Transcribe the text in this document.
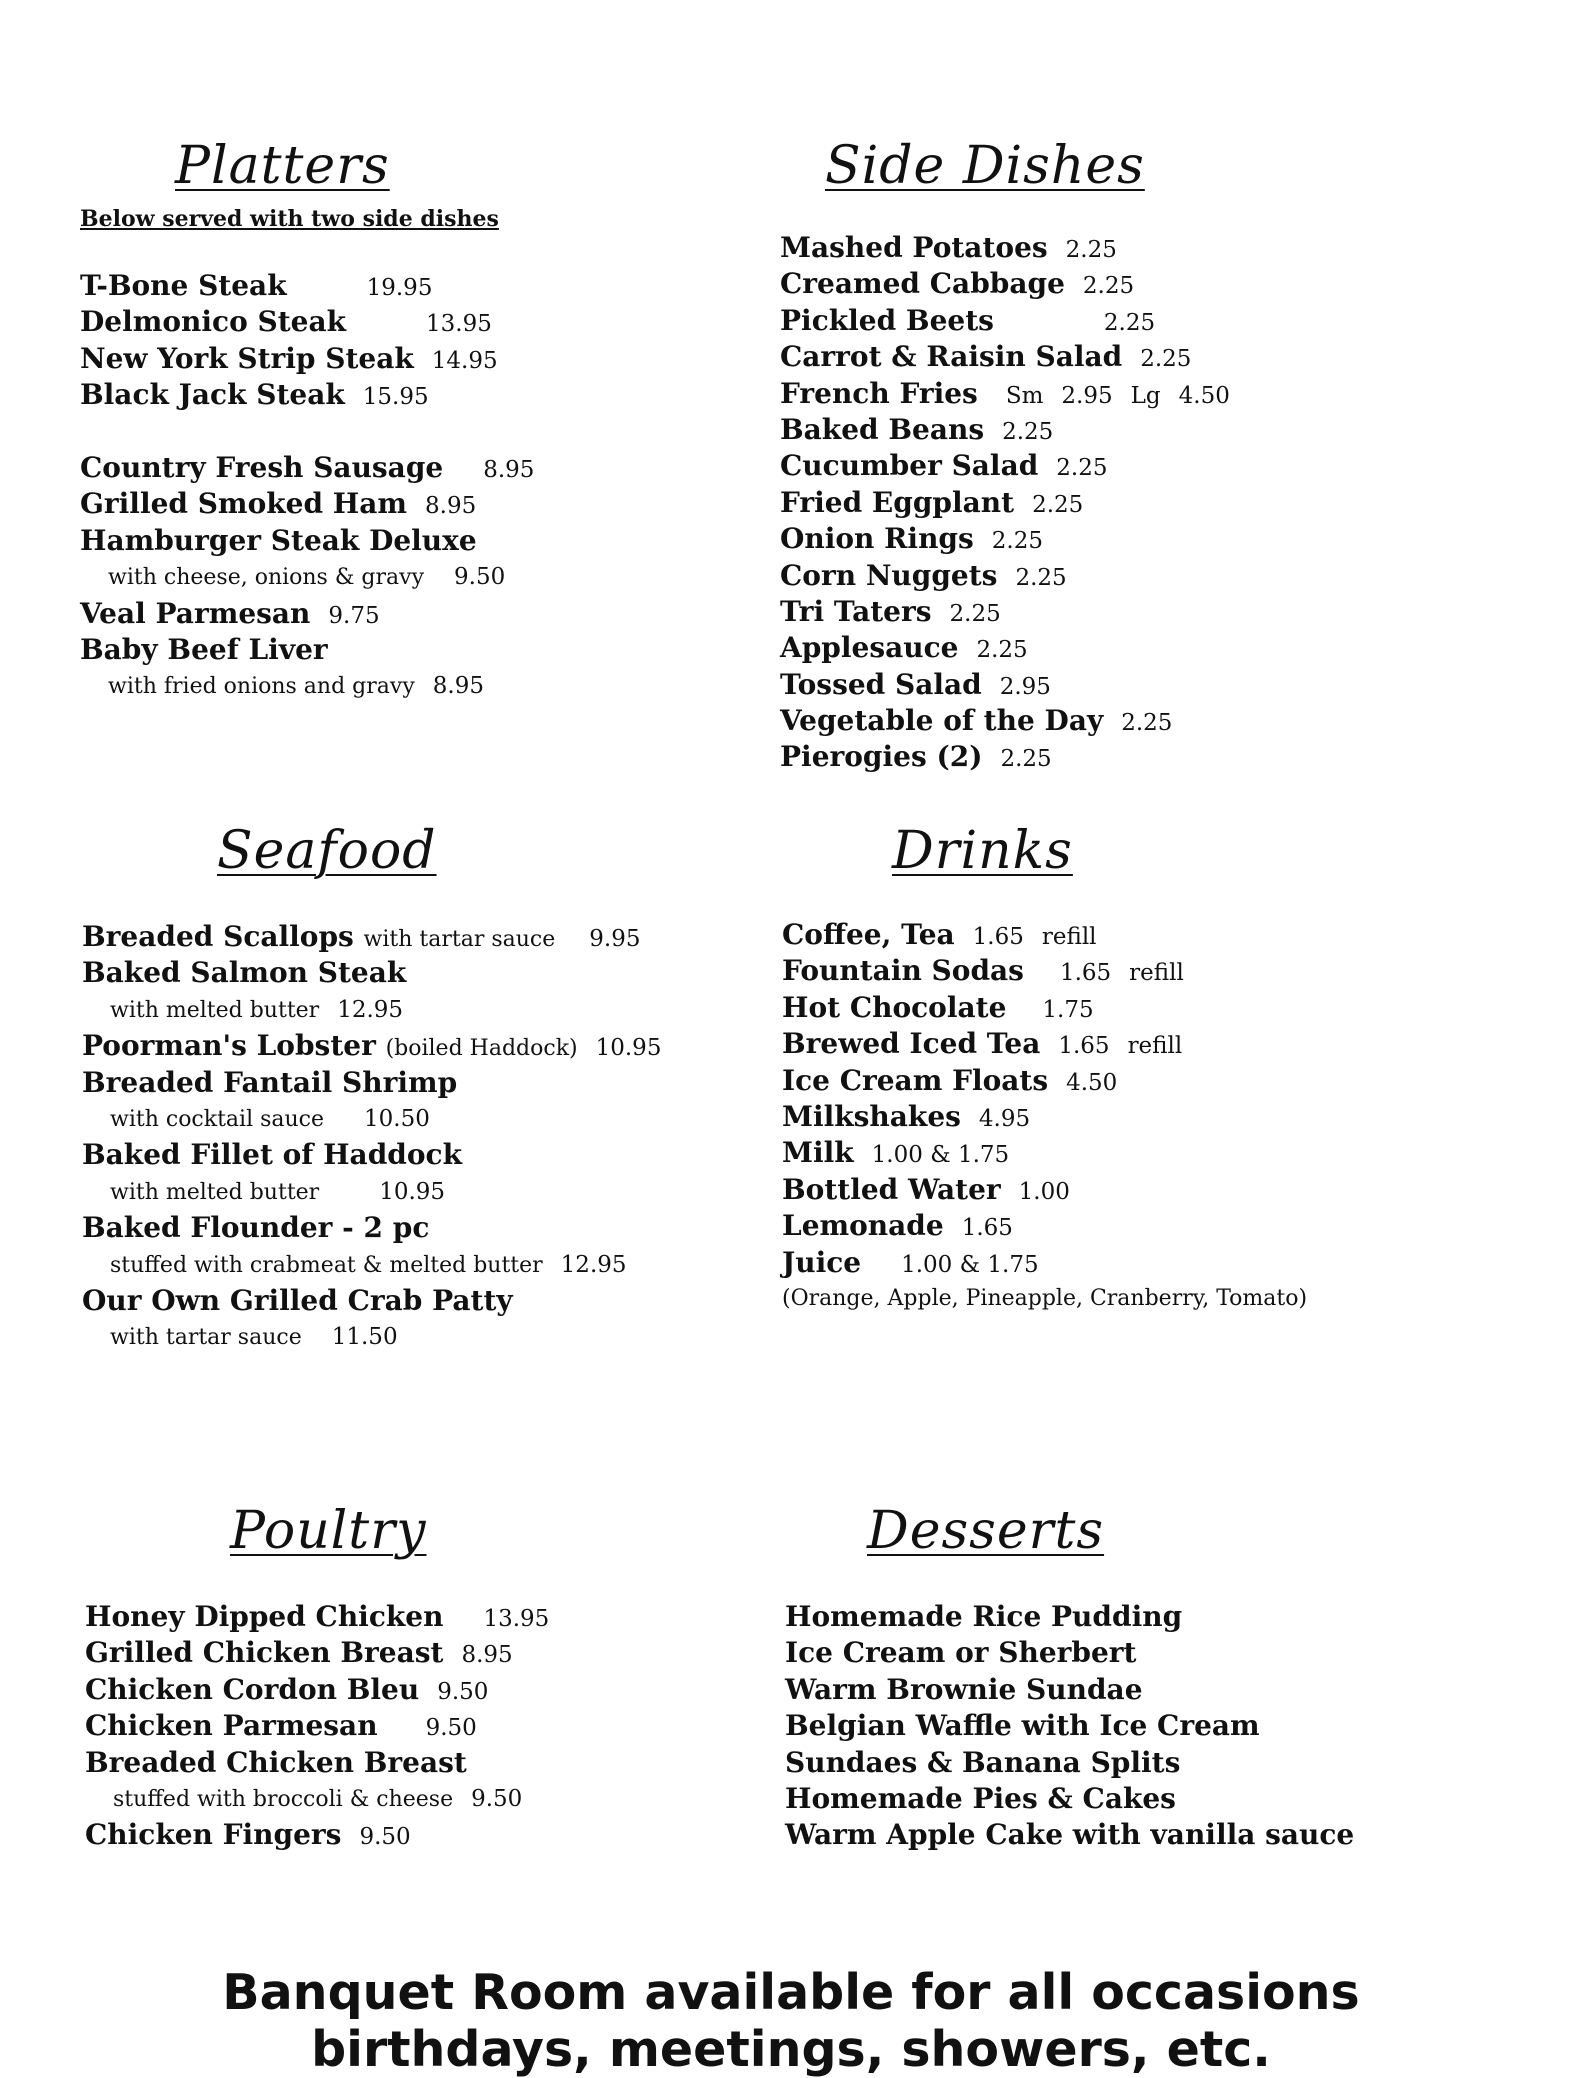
Platters
Below served with two side dishes
T-Bone Steak	19.95
Delmonico Steak	13.95
New York Strip Steak 14.95
Black Jack Steak 15.95
Country Fresh Sausage 8.95
Grilled Smoked Ham 8.95
Hamburger Steak Deluxe
with cheese, onions & gravy 9.50
Veal Parmesan 9.75
Baby Beef Liver
with fried onions and gravy 8.95
Side Dishes
Mashed Potatoes 2.25
Creamed Cabbage 2.25
Pickled Beets	2.25
Carrot & Raisin Salad 2.25
French Fries Sm 2.95 Lg 4.50
Baked Beans 2.25
Cucumber Salad 2.25
Fried Eggplant 2.25
Onion Rings 2.25
Corn Nuggets 2.25
Tri Taters 2.25
Applesauce 2.25
Tossed Salad 2.95
Vegetable of the Day 2.25
Pierogies (2) 2.25
Seafood
Breaded Scallops with tartar sauce 9.95
Baked Salmon Steak
with melted butter 12.95
Poorman's Lobster (boiled Haddock) 10.95
Breaded Fantail Shrimp
with cocktail sauce 10.50
Baked Fillet of Haddock
with melted butter	10.95
Baked Flounder - 2 pc
stuffed with crabmeat & melted butter 12.95
Our Own Grilled Crab Patty
with tartar sauce 11.50
Drinks
Coffee, Tea 1.65 refill
Fountain Sodas 1.65 refill
Hot Chocolate 1.75
Brewed Iced Tea 1.65 refill
Ice Cream Floats 4.50
Milkshakes 4.95
Milk 1.00 & 1.75
Bottled Water 1.00
Lemonade 1.65
Juice 1.00 & 1.75
(Orange, Apple, Pineapple, Cranberry, Tomato)
Poultry
Honey Dipped Chicken 13.95
Grilled Chicken Breast 8.95
Chicken Cordon Bleu 9.50
Chicken Parmesan 9.50
Breaded Chicken Breast
stuffed with broccoli & cheese 9.50
Chicken Fingers 9.50
Desserts
Homemade Rice Pudding
Ice Cream or Sherbert
Warm Brownie Sundae
Belgian Waffle with Ice Cream
Sundaes & Banana Splits
Homemade Pies & Cakes
Warm Apple Cake with vanilla sauce
Banquet Room available for all occasions
birthdays, meetings, showers, etc.
